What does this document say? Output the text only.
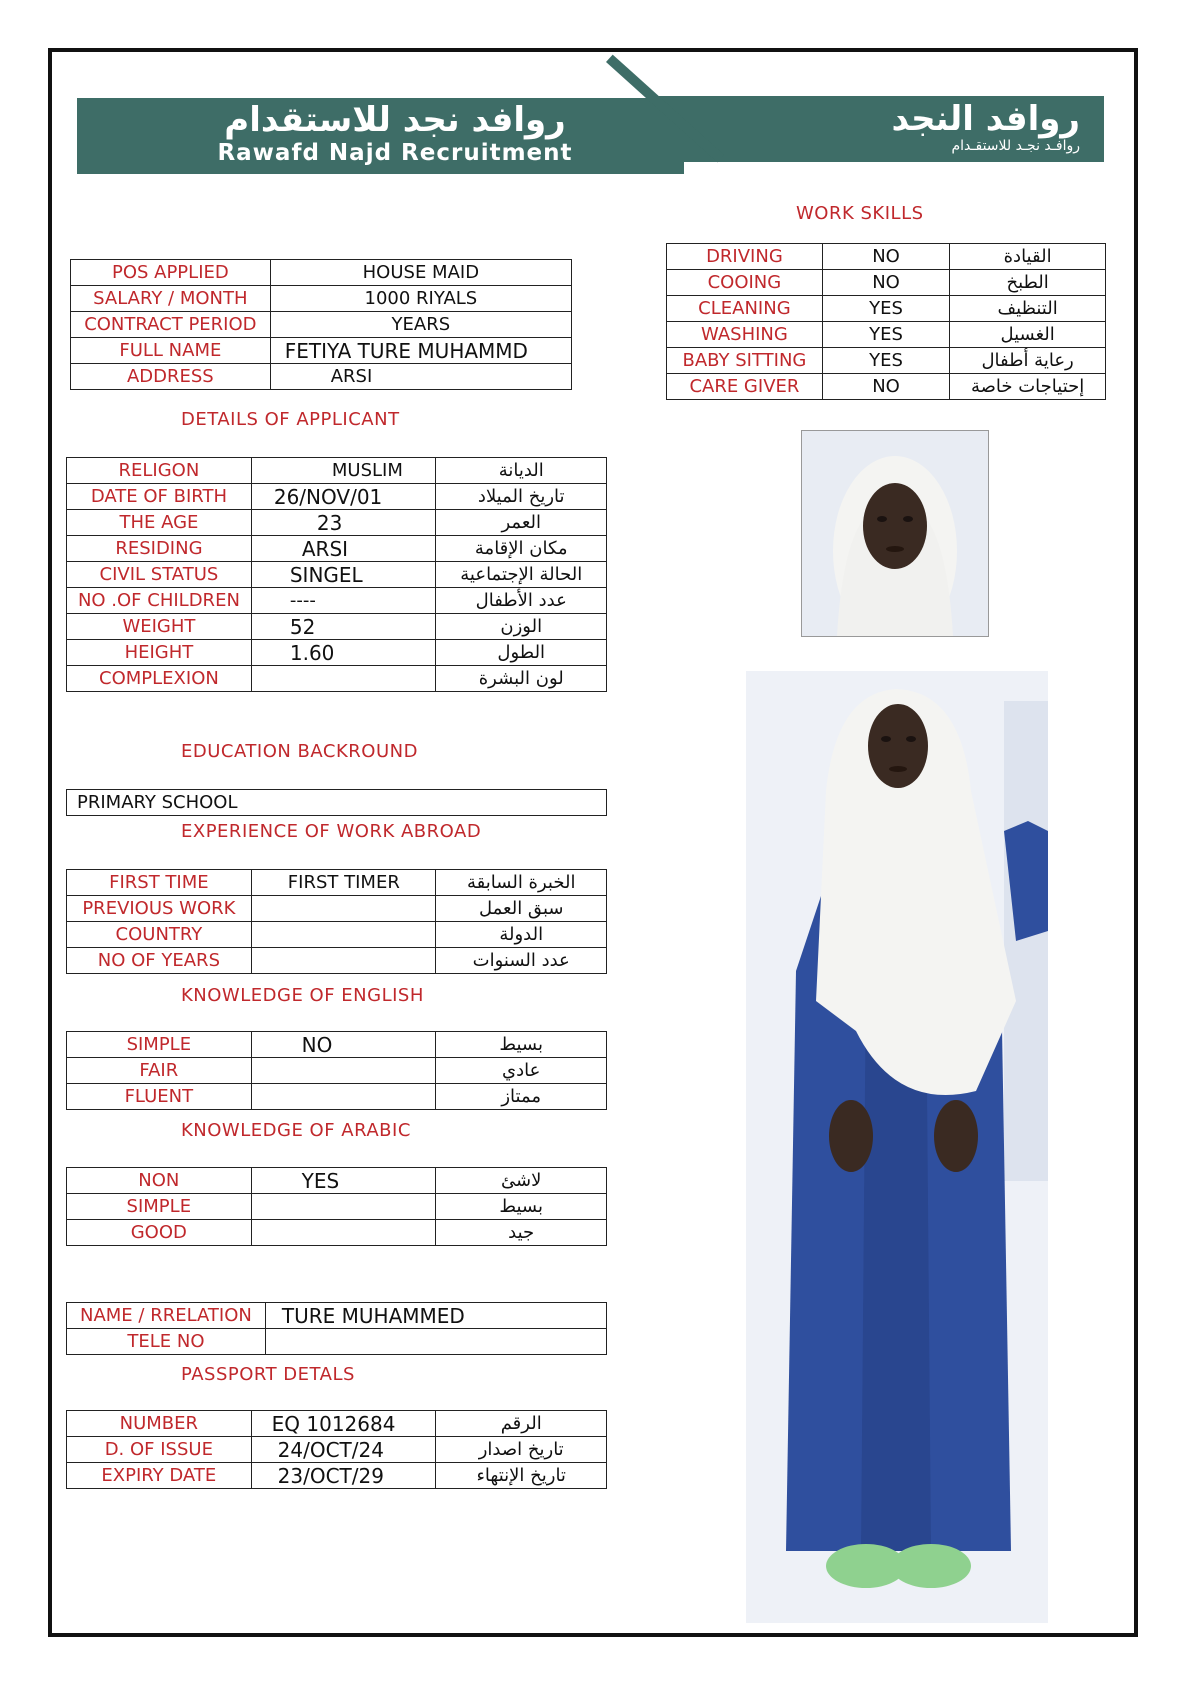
روافد نجد للاستقدام
Rawafd Najd Recruitment
روافد النجد
روافـد نجـد للاستقـدام
POS APPLIED	HOUSE MAID
SALARY / MONTH	1000 RIYALS
CONTRACT PERIOD	YEARS
FULL NAME	FETIYA TURE MUHAMMD
ADDRESS	ARSI
WORK SKILLS
DRIVING	NO	القيادة
COOING	NO	الطبخ
CLEANING	YES	التنظيف
WASHING	YES	الغسيل
BABY SITTING	YES	رعاية أطفال
CARE GIVER	NO	إحتياجات خاصة
DETAILS OF APPLICANT
RELIGON	MUSLIM	الديانة
DATE OF BIRTH	26/NOV/01	تاريخ الميلاد
THE AGE	23	العمر
RESIDING	ARSI	مكان الإقامة
CIVIL STATUS	SINGEL	الحالة الإجتماعية
NO .OF CHILDREN	----	عدد الأطفال
WEIGHT	52	الوزن
HEIGHT	1.60	الطول
COMPLEXION		لون البشرة
EDUCATION BACKROUND
PRIMARY SCHOOL
EXPERIENCE OF WORK ABROAD
FIRST TIME	FIRST TIMER	الخبرة السابقة
PREVIOUS WORK		سبق العمل
COUNTRY		الدولة
NO OF YEARS		عدد السنوات
KNOWLEDGE OF ENGLISH
SIMPLE	NO	بسيط
FAIR		عادي
FLUENT		ممتاز
KNOWLEDGE OF ARABIC
NON	YES	لاشئ
SIMPLE		بسيط
GOOD		جيد
NAME / RRELATION	TURE MUHAMMED
TELE NO	
PASSPORT DETALS
NUMBER	EQ 1012684	الرقم
D. OF ISSUE	24/OCT/24	تاريخ اصدار
EXPIRY DATE	23/OCT/29	تاريخ الإنتهاء
